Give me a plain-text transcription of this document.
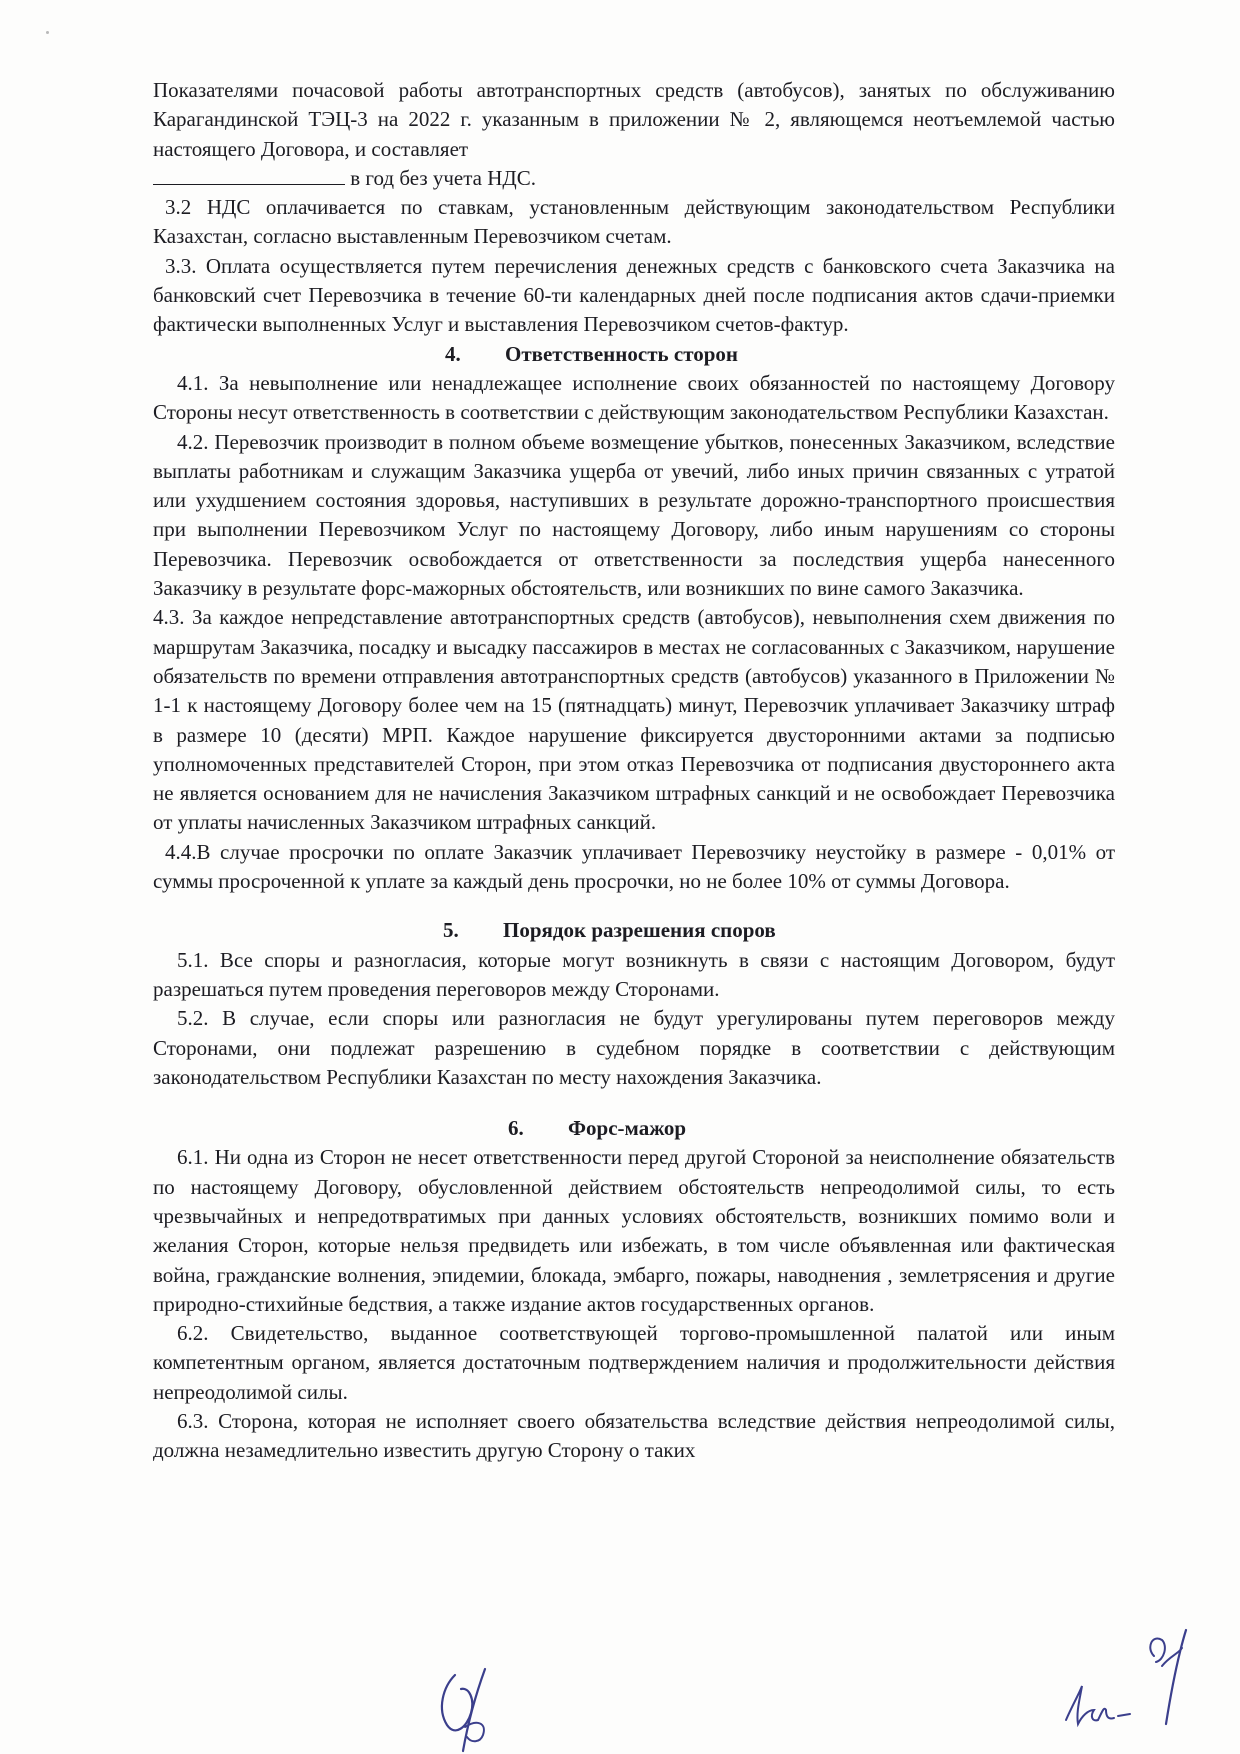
Показателями почасовой работы автотранспортных средств (автобусов), занятых по обслуживанию Карагандинской ТЭЦ-3 на 2022 г. указанным в приложении № 2, являющемся неотъемлемой частью настоящего Договора, и составляет
в год без учета НДС.

3.2 НДС оплачивается по ставкам, установленным действующим законодательством Республики Казахстан, согласно выставленным Перевозчиком счетам.

3.3. Оплата осуществляется путем перечисления денежных средств с банковского счета Заказчика на банковский счет Перевозчика в течение 60-ти календарных дней после подписания актов сдачи-приемки фактически выполненных Услуг и выставления Перевозчиком счетов-фактур.

4. Ответственность сторон

4.1. За невыполнение или ненадлежащее исполнение своих обязанностей по настоящему Договору Стороны несут ответственность в соответствии с действующим законодательством Республики Казахстан.

4.2. Перевозчик производит в полном объеме возмещение убытков, понесенных Заказчиком, вследствие выплаты работникам и служащим Заказчика ущерба от увечий, либо иных причин связанных с утратой или ухудшением состояния здоровья, наступивших в результате дорожно-транспортного происшествия при выполнении Перевозчиком Услуг по настоящему Договору, либо иным нарушениям со стороны Перевозчика. Перевозчик освобождается от ответственности за последствия ущерба нанесенного Заказчику в результате форс-мажорных обстоятельств, или возникших по вине самого Заказчика.

4.3. За каждое непредставление автотранспортных средств (автобусов), невыполнения схем движения по маршрутам Заказчика, посадку и высадку пассажиров в местах не согласованных с Заказчиком, нарушение обязательств по времени отправления автотранспортных средств (автобусов) указанного в Приложении № 1-1 к настоящему Договору более чем на 15 (пятнадцать) минут, Перевозчик уплачивает Заказчику штраф в размере 10 (десяти) МРП. Каждое нарушение фиксируется двусторонними актами за подписью уполномоченных представителей Сторон, при этом отказ Перевозчика от подписания двустороннего акта не является основанием для не начисления Заказчиком штрафных санкций и не освобождает Перевозчика от уплаты начисленных Заказчиком штрафных санкций.

4.4.В случае просрочки по оплате Заказчик уплачивает Перевозчику неустойку в размере - 0,01% от суммы просроченной к уплате за каждый день просрочки, но не более 10% от суммы Договора.

5. Порядок разрешения споров

5.1. Все споры и разногласия, которые могут возникнуть в связи с настоящим Договором, будут разрешаться путем проведения переговоров между Сторонами.

5.2. В случае, если споры или разногласия не будут урегулированы путем переговоров между Сторонами, они подлежат разрешению в судебном порядке в соответствии с действующим законодательством Республики Казахстан по месту нахождения Заказчика.

6. Форс-мажор

6.1. Ни одна из Сторон не несет ответственности перед другой Стороной за неисполнение обязательств по настоящему Договору, обусловленной действием обстоятельств непреодолимой силы, то есть чрезвычайных и непредотвратимых при данных условиях обстоятельств, возникших помимо воли и желания Сторон, которые нельзя предвидеть или избежать, в том числе объявленная или фактическая война, гражданские волнения, эпидемии, блокада, эмбарго, пожары, наводнения , землетрясения и другие природно-стихийные бедствия, а также издание актов государственных органов.

6.2. Свидетельство, выданное соответствующей торгово-промышленной палатой или иным компетентным органом, является достаточным подтверждением наличия и продолжительности действия непреодолимой силы.

6.3. Сторона, которая не исполняет своего обязательства вследствие действия непреодолимой силы, должна незамедлительно известить другую Сторону о таких
